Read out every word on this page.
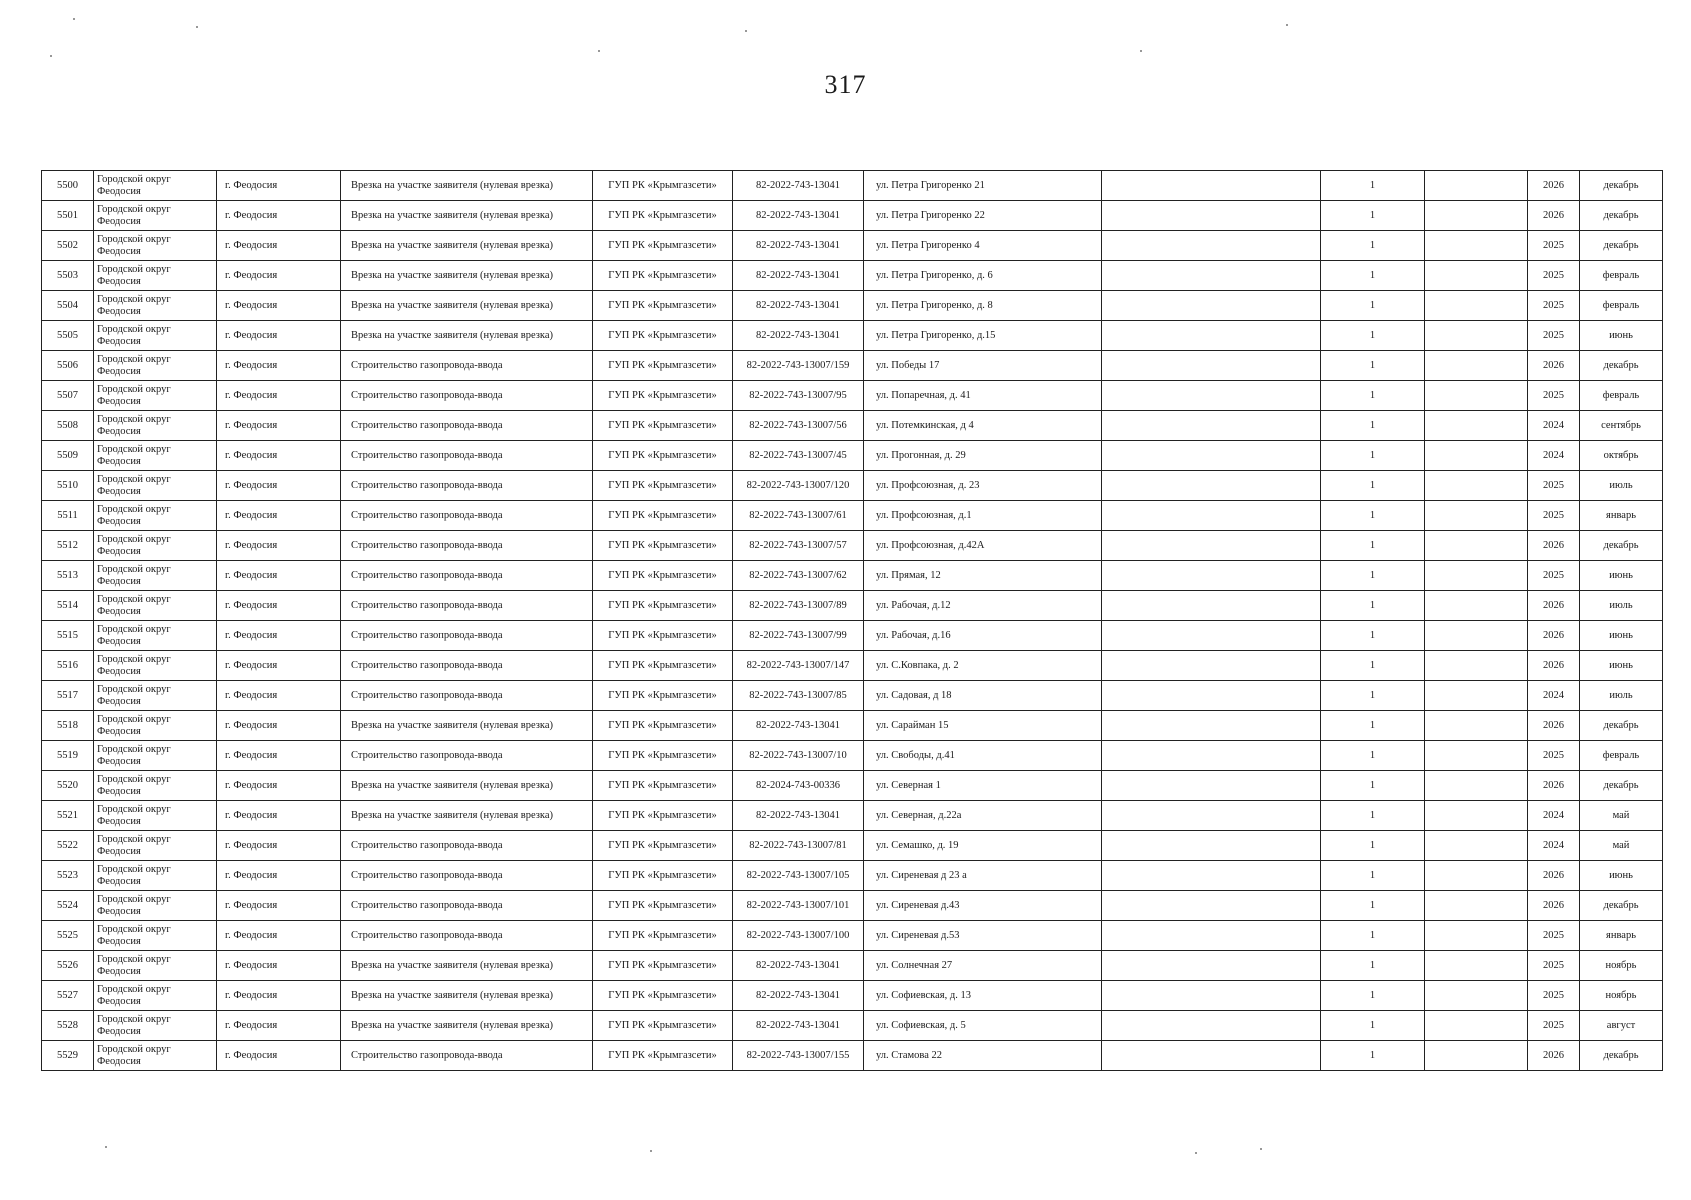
317
5500	Городской округ Феодосия	г. Феодосия	Врезка на участке заявителя (нулевая врезка)	ГУП РК «Крымгазсети»	82-2022-743-13041	ул. Петра Григоренко 21		1		2026	декабрь
5501	Городской округ Феодосия	г. Феодосия	Врезка на участке заявителя (нулевая врезка)	ГУП РК «Крымгазсети»	82-2022-743-13041	ул. Петра Григоренко 22		1		2026	декабрь
5502	Городской округ Феодосия	г. Феодосия	Врезка на участке заявителя (нулевая врезка)	ГУП РК «Крымгазсети»	82-2022-743-13041	ул. Петра Григоренко 4		1		2025	декабрь
5503	Городской округ Феодосия	г. Феодосия	Врезка на участке заявителя (нулевая врезка)	ГУП РК «Крымгазсети»	82-2022-743-13041	ул. Петра Григоренко, д. 6		1		2025	февраль
5504	Городской округ Феодосия	г. Феодосия	Врезка на участке заявителя (нулевая врезка)	ГУП РК «Крымгазсети»	82-2022-743-13041	ул. Петра Григоренко, д. 8		1		2025	февраль
5505	Городской округ Феодосия	г. Феодосия	Врезка на участке заявителя (нулевая врезка)	ГУП РК «Крымгазсети»	82-2022-743-13041	ул. Петра Григоренко, д.15		1		2025	июнь
5506	Городской округ Феодосия	г. Феодосия	Строительство газопровода-ввода	ГУП РК «Крымгазсети»	82-2022-743-13007/159	ул. Победы 17		1		2026	декабрь
5507	Городской округ Феодосия	г. Феодосия	Строительство газопровода-ввода	ГУП РК «Крымгазсети»	82-2022-743-13007/95	ул. Попаречная, д. 41		1		2025	февраль
5508	Городской округ Феодосия	г. Феодосия	Строительство газопровода-ввода	ГУП РК «Крымгазсети»	82-2022-743-13007/56	ул. Потемкинская, д 4		1		2024	сентябрь
5509	Городской округ Феодосия	г. Феодосия	Строительство газопровода-ввода	ГУП РК «Крымгазсети»	82-2022-743-13007/45	ул. Прогонная, д. 29		1		2024	октябрь
5510	Городской округ Феодосия	г. Феодосия	Строительство газопровода-ввода	ГУП РК «Крымгазсети»	82-2022-743-13007/120	ул. Профсоюзная, д. 23		1		2025	июль
5511	Городской округ Феодосия	г. Феодосия	Строительство газопровода-ввода	ГУП РК «Крымгазсети»	82-2022-743-13007/61	ул. Профсоюзная, д.1		1		2025	январь
5512	Городской округ Феодосия	г. Феодосия	Строительство газопровода-ввода	ГУП РК «Крымгазсети»	82-2022-743-13007/57	ул. Профсоюзная, д.42А		1		2026	декабрь
5513	Городской округ Феодосия	г. Феодосия	Строительство газопровода-ввода	ГУП РК «Крымгазсети»	82-2022-743-13007/62	ул. Прямая, 12		1		2025	июнь
5514	Городской округ Феодосия	г. Феодосия	Строительство газопровода-ввода	ГУП РК «Крымгазсети»	82-2022-743-13007/89	ул. Рабочая, д.12		1		2026	июль
5515	Городской округ Феодосия	г. Феодосия	Строительство газопровода-ввода	ГУП РК «Крымгазсети»	82-2022-743-13007/99	ул. Рабочая, д.16		1		2026	июнь
5516	Городской округ Феодосия	г. Феодосия	Строительство газопровода-ввода	ГУП РК «Крымгазсети»	82-2022-743-13007/147	ул. С.Ковпака, д. 2		1		2026	июнь
5517	Городской округ Феодосия	г. Феодосия	Строительство газопровода-ввода	ГУП РК «Крымгазсети»	82-2022-743-13007/85	ул. Садовая, д 18		1		2024	июль
5518	Городской округ Феодосия	г. Феодосия	Врезка на участке заявителя (нулевая врезка)	ГУП РК «Крымгазсети»	82-2022-743-13041	ул. Сарайман 15		1		2026	декабрь
5519	Городской округ Феодосия	г. Феодосия	Строительство газопровода-ввода	ГУП РК «Крымгазсети»	82-2022-743-13007/10	ул. Свободы, д.41		1		2025	февраль
5520	Городской округ Феодосия	г. Феодосия	Врезка на участке заявителя (нулевая врезка)	ГУП РК «Крымгазсети»	82-2024-743-00336	ул. Северная 1		1		2026	декабрь
5521	Городской округ Феодосия	г. Феодосия	Врезка на участке заявителя (нулевая врезка)	ГУП РК «Крымгазсети»	82-2022-743-13041	ул. Северная, д.22а		1		2024	май
5522	Городской округ Феодосия	г. Феодосия	Строительство газопровода-ввода	ГУП РК «Крымгазсети»	82-2022-743-13007/81	ул. Семашко, д. 19		1		2024	май
5523	Городской округ Феодосия	г. Феодосия	Строительство газопровода-ввода	ГУП РК «Крымгазсети»	82-2022-743-13007/105	ул. Сиреневая д 23 а		1		2026	июнь
5524	Городской округ Феодосия	г. Феодосия	Строительство газопровода-ввода	ГУП РК «Крымгазсети»	82-2022-743-13007/101	ул. Сиреневая д.43		1		2026	декабрь
5525	Городской округ Феодосия	г. Феодосия	Строительство газопровода-ввода	ГУП РК «Крымгазсети»	82-2022-743-13007/100	ул. Сиреневая д.53		1		2025	январь
5526	Городской округ Феодосия	г. Феодосия	Врезка на участке заявителя (нулевая врезка)	ГУП РК «Крымгазсети»	82-2022-743-13041	ул. Солнечная 27		1		2025	ноябрь
5527	Городской округ Феодосия	г. Феодосия	Врезка на участке заявителя (нулевая врезка)	ГУП РК «Крымгазсети»	82-2022-743-13041	ул. Софиевская, д. 13		1		2025	ноябрь
5528	Городской округ Феодосия	г. Феодосия	Врезка на участке заявителя (нулевая врезка)	ГУП РК «Крымгазсети»	82-2022-743-13041	ул. Софиевская, д. 5		1		2025	август
5529	Городской округ Феодосия	г. Феодосия	Строительство газопровода-ввода	ГУП РК «Крымгазсети»	82-2022-743-13007/155	ул. Стамова 22		1		2026	декабрь
